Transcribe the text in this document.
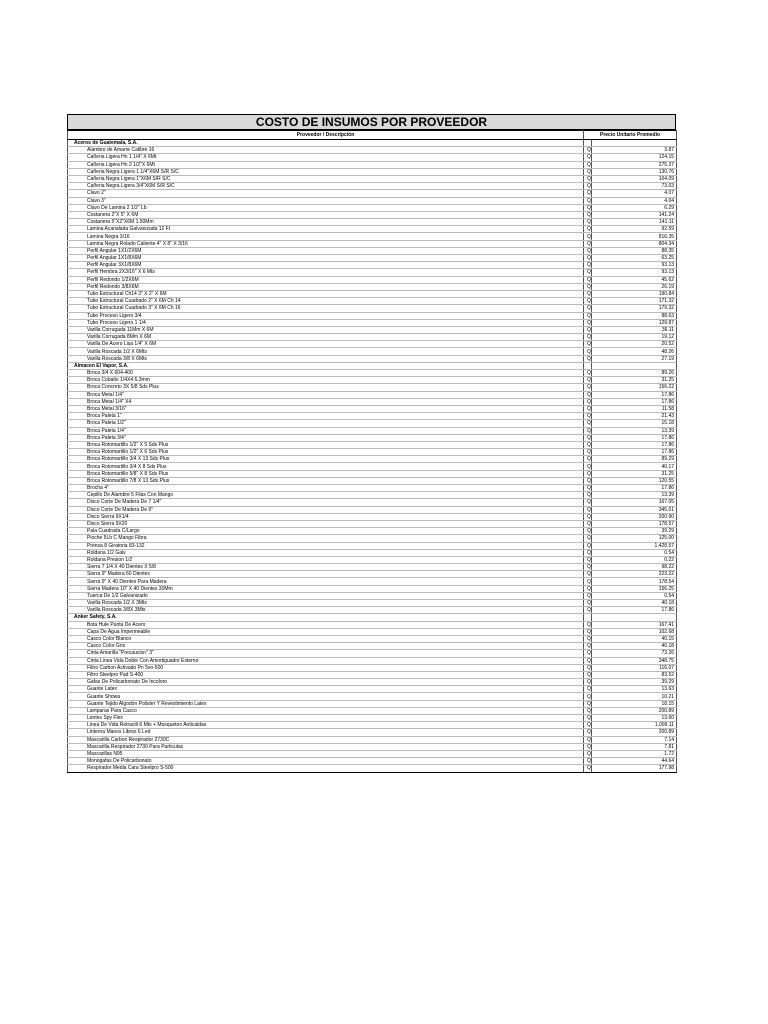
COSTO DE INSUMOS POR PROVEEDOR
Proveedor / Descripción	Precio Unitario Promedio	
Aceros de Guatemala, S.A.		
Alambre de Amarre Calibre 16	Q	3.87
Cañeria Ligera Hn 1 1/4" X 6Mt	Q	124.15
Cañeria Ligera Hn 2 1/2"X 6Mt	Q	275.37
Cañeria Negra Ligera 1 1/4"X6M S/R S/C	Q	130.76
Cañeria Negra Ligera 1"X6M S/R S/C	Q	104.09
Cañeria Negra Ligera 3/4"X6M S/R S/C	Q	73.03
Clavo 2"	Q	4.07
Clavo 3"	Q	4.04
Clavo De Lamina 2 1/2" Lb	Q	6.29
Costanera 2"X 5" X 6M	Q	141.24
Costanera 5"X2"X6M 1.50Mm	Q	141.11
Lamina Acanalada Galvanizada 12 Ft	Q	92.59
Lamina Negra 3/16	Q	816.35
Lamina Negra Rolado Caliente 4" X 8" X 3/16	Q	804.34
Perfil Angular 1X1/2X6M	Q	88.35
Perfil Angular 1X1/8X6M	Q	63.25
Perfil Angular 3X1/8X6M	Q	93.13
Perfil Hembra 2X3/16" X 6 Mts	Q	93.13
Perfil Redondo 1/2X6M	Q	45.62
Perfil Redondo 3/8X6M	Q	26.19
Tubo Estructural Ch14 3" X 2" X 6M	Q	190.84
Tubo Estructural Cuadrado 2" X 6M Ch 14	Q	171.32
Tubo Estructural Cuadrado 3" X 6M Ch 16	Q	179.32
Tubo Proceso Ligero 3/4	Q	88.63
Tubo Proceso Ligero 1 1/4	Q	129.87
Varilla Corrugada 11Mm X 6M	Q	36.11
Varilla Corrugada 8Mm X 6M	Q	19.12
Varilla De Acero Lisa 1/4" X 6M	Q	20.52
Varilla Roscada 1/2 X 6Mts	Q	48.26
Varilla Roscada 3/8 X 6Mts	Q	27.19
Almacen El Vapor, S.A.		
Broca 3/4 X 604-400	Q	89.26
Broca Cobalto 1/4X4 6.3mm	Q	31.25
Broca Concreto 3X 5/8 Sds Plus	Q	156.22
Broca Metal 1/4"	Q	17.86
Broca Metal 1/4" X4	Q	17.86
Broca Metal 3/16"	Q	11.58
Broca Paleta 1"	Q	21.43
Broca Paleta 1/2"	Q	15.18
Broca Paleta 1/4"	Q	13.39
Broca Paleta 3/4"	Q	17.86
Broca Rotomartillo 1/2" X 5 Sds Plus	Q	17.86
Broca Rotomartillo 1/2" X 6 Sds Plus	Q	17.86
Broca Rotomartillo 3/4 X 13 Sds Plus	Q	89.29
Broca Rotomartillo 3/4 X 8 Sds Plus	Q	40.17
Broca Rotomartillo 5/8" X 8 Sds Plus	Q	31.25
Broca Rotomartillo 7/8 X 13 Sds Plus	Q	120.55
Brocha 4"	Q	17.86
Cepillo De Alambre 5 Filas Con Mango	Q	13.39
Disco Corte De Madera De 7 1/4"	Q	167.05
Disco Corte De Madera De 9"	Q	345.01
Disco Sierra 9X1/4	Q	200.90
Disco Sierra 9X20	Q	178.57
Pala Cuadrada C/Largo	Q	39.29
Pioche 5Lb C Mango Fibra	Q	125.00
Prensa 8 Giratoria 83-132	Q	1,428.57
Roldana 1/2 Galv	Q	0.54
Roldana Presion 1/2	Q	0.22
Sierra 7 1/4 X 40 Dientes X 5/8	Q	98.22
Sierra 9" Madera 60 Dientes	Q	223.22
Sierra 9" X 40 Dientes Para Madera	Q	178.54
Sierra Madera 10" X 40 Dientes 30Mm	Q	156.25
Tuerca De 1/2 Galvanizado	Q	0.54
Varilla Roscada 1/2 X 3Mts	Q	40.18
Varilla Roscada 3/8X 3Mts	Q	17.86
Anker Safety, S.A.		
Bota Hule Punta De Acero	Q	167.41
Capa De Agua Impermeable	Q	102.68
Casco Color Blanco	Q	40.15
Casco Color Gris	Q	40.18
Cinta Amarilla "Precaucion" 3"	Q	73.26
Cinta Linea Vida Doble Con Amortiguador Externo	Q	348.75
Filtro Carbon Activado Pn 5vo-500	Q	116.07
Filtro Steelpro Pad S-400	Q	83.52
Gafas De Policarbonato De Incoloro	Q	39.29
Guante Latex	Q	13.63
Guante Showa	Q	10.21
Guante Tejido Algodón Polister Y Revestimiento Latex	Q	18.15
Lamparas Para Casco	Q	200.89
Lentes Spy Flex	Q	13.60
Linea De Vida Retractil 6 Mts + Mosqueton Anticaidas	Q	1,099.11
Linterna Manos Libres 6 Led	Q	200.89
Mascarilla Carbon Respirador 2730C	Q	7.14
Mascarilla Respirador 2730 Para Particulas	Q	7.81
Mascarillas N95	Q	1.72
Monogafas De Policarbonato	Q	44.64
Respirador Media Cara Steelpro S-500	Q	177.98
